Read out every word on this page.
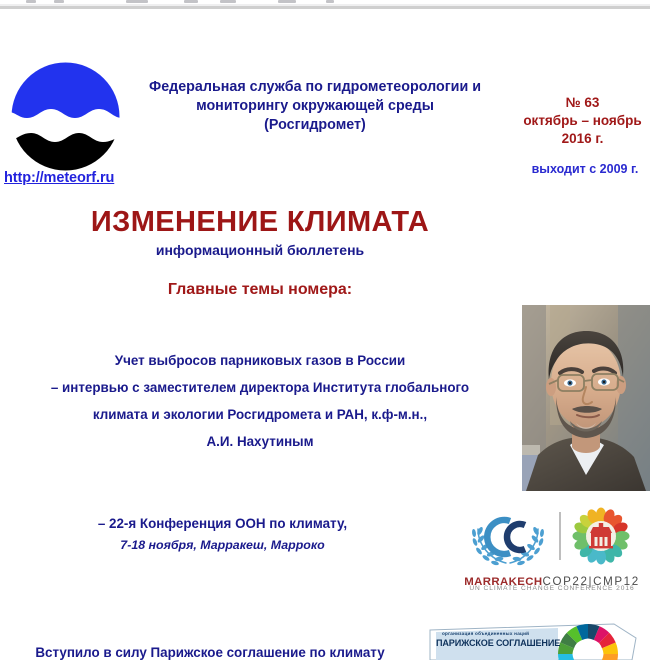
http://meteorf.ru
Федеральная служба по гидрометеорологии и
мониторингу окружающей среды
(Росгидромет)
№ 63
октябрь – ноябрь
2016 г.
выходит с 2009 г.
ИЗМЕНЕНИЕ КЛИМАТА
информационный бюллетень
Главные темы номера:
Учет выбросов парниковых газов в России
– интервью с заместителем директора Института глобального
климата и экологии Росгидромета и РАН, к.ф-м.н.,
А.И. Нахутиным
– 22-я Конференция ООН по климату,
7-18 ноября, Марракеш, Марроко
MARRAKECHCOP22|CMP12
UN CLIMATE CHANGE CONFERENCE 2016
Вступило в силу Парижское соглашение по климату
организация объединенных наций
ПАРИЖСКОЕ СОГЛАШЕНИЕ
